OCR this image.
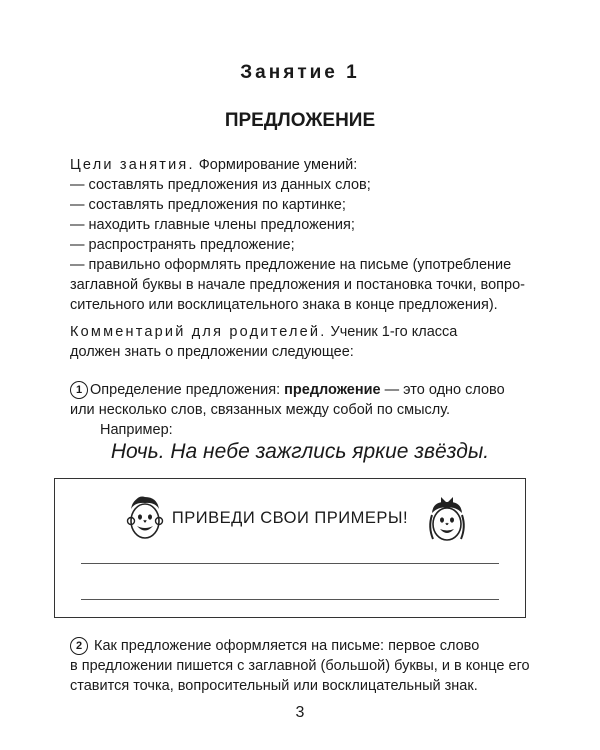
Занятие 1
ПРЕДЛОЖЕНИЕ
Цели занятия. Формирование умений:
— составлять предложения из данных слов;
— составлять предложения по картинке;
— находить главные члены предложения;
— распространять предложение;
— правильно оформлять предложение на письме (употребление
заглавной буквы в начале предложения и постановка точки, вопро-
сительного или восклицательного знака в конце предложения).
Комментарий для родителей. Ученик 1-го класса
должен знать о предложении следующее:
1 Определение предложения: предложение — это одно слово
или несколько слов, связанных между собой по смыслу.
Например:
Ночь. На небе зажглись яркие звёзды.
ПРИВЕДИ СВОИ ПРИМЕРЫ!
2 Как предложение оформляется на письме: первое слово
в предложении пишется с заглавной (большой) буквы, и в конце его
ставится точка, вопросительный или восклицательный знак.
3
